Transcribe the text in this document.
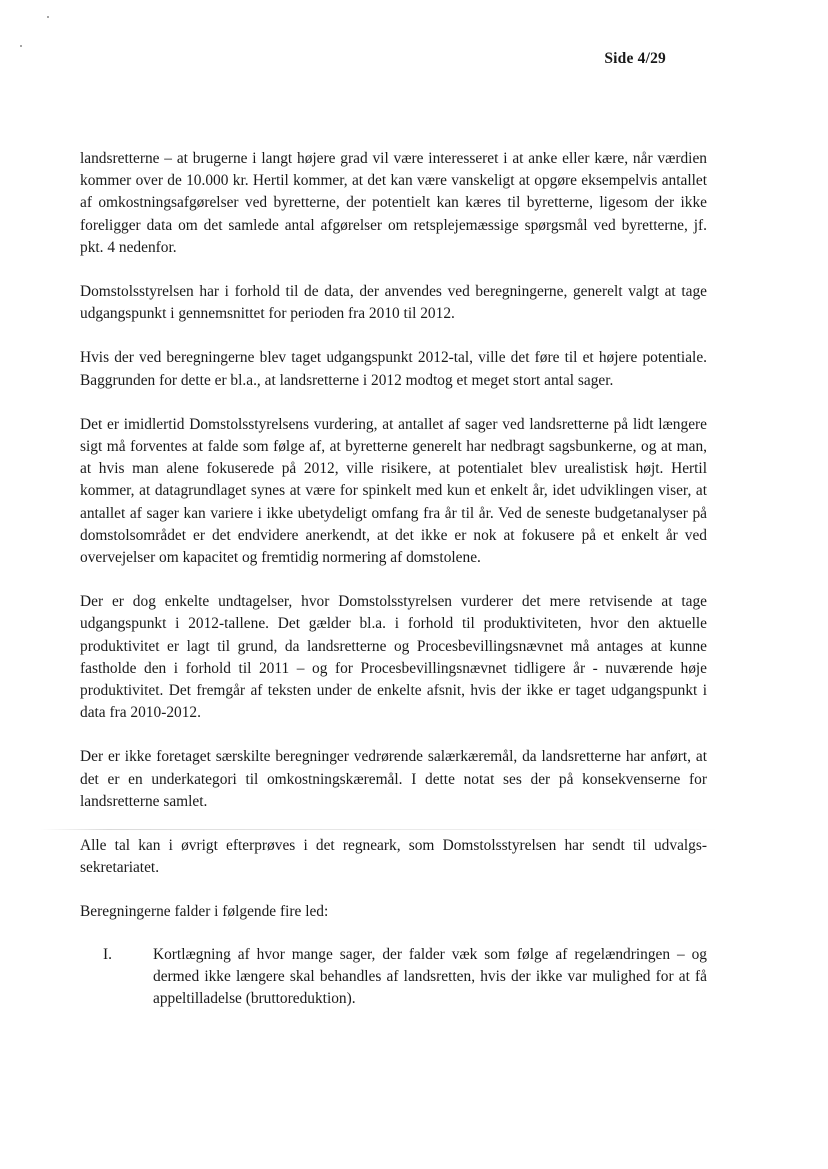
Side 4/29

landsretterne – at brugerne i langt højere grad vil være interesseret i at anke eller kære, når værdien kommer over de 10.000 kr. Hertil kommer, at det kan være vanskeligt at opgøre eksempelvis antallet af omkostningsafgørelser ved byretterne, der potentielt kan kæres til byretterne, ligesom der ikke foreligger data om det samlede antal afgørelser om retsplejemæssige spørgsmål ved byretterne, jf. pkt. 4 nedenfor.

Domstolsstyrelsen har i forhold til de data, der anvendes ved beregningerne, generelt valgt at tage udgangspunkt i gennemsnittet for perioden fra 2010 til 2012.

Hvis der ved beregningerne blev taget udgangspunkt 2012-tal, ville det føre til et højere potentiale. Baggrunden for dette er bl.a., at landsretterne i 2012 modtog et meget stort antal sager.

Det er imidlertid Domstolsstyrelsens vurdering, at antallet af sager ved landsretterne på lidt længere sigt må forventes at falde som følge af, at byretterne generelt har nedbragt sagsbunkerne, og at man, at hvis man alene fokuserede på 2012, ville risikere, at potentialet blev urealistisk højt. Hertil kommer, at datagrundlaget synes at være for spinkelt med kun et enkelt år, idet udviklingen viser, at antallet af sager kan variere i ikke ubetydeligt omfang fra år til år. Ved de seneste budgetanalyser på domstolsområdet er det endvidere anerkendt, at det ikke er nok at fokusere på et enkelt år ved overvejelser om kapacitet og fremtidig normering af domstolene.

Der er dog enkelte undtagelser, hvor Domstolsstyrelsen vurderer det mere retvisende at tage udgangspunkt i 2012-tallene. Det gælder bl.a. i forhold til produktiviteten, hvor den aktuelle produktivitet er lagt til grund, da landsretterne og Procesbevillingsnævnet må antages at kunne fastholde den i forhold til 2011 – og for Procesbevillingsnævnet tidligere år - nuværende høje produktivitet. Det fremgår af teksten under de enkelte afsnit, hvis der ikke er taget udgangspunkt i data fra 2010-2012.

Der er ikke foretaget særskilte beregninger vedrørende salærkæremål, da landsretterne har anført, at det er en underkategori til omkostningskæremål. I dette notat ses der på konsekvenserne for landsretterne samlet.

Alle tal kan i øvrigt efterprøves i det regneark, som Domstolsstyrelsen har sendt til udvalgssekretariatet.

Beregningerne falder i følgende fire led:

I.	Kortlægning af hvor mange sager, der falder væk som følge af regelændringen – og dermed ikke længere skal behandles af landsretten, hvis der ikke var mulighed for at få appeltilladelse (bruttoreduktion).
